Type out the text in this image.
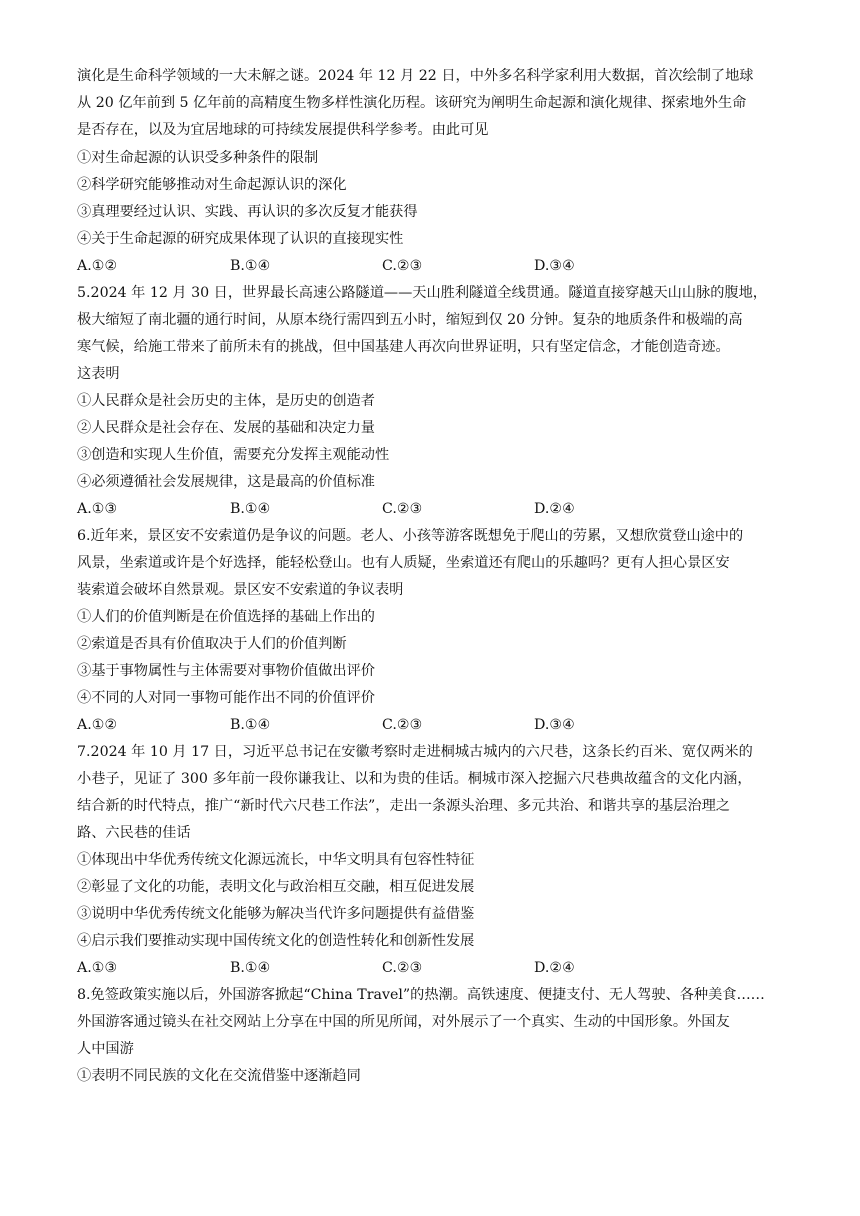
演化是生命科学领域的一大未解之谜。2024 年 12 月 22 日，中外多名科学家利用大数据，首次绘制了地球
从 20 亿年前到 5 亿年前的高精度生物多样性演化历程。该研究为阐明生命起源和演化规律、探索地外生命
是否存在，以及为宜居地球的可持续发展提供科学参考。由此可见
①对生命起源的认识受多种条件的限制
②科学研究能够推动对生命起源认识的深化
③真理要经过认识、实践、再认识的多次反复才能获得
④关于生命起源的研究成果体现了认识的直接现实性
A.①②	B.①④	C.②③	D.③④
5.2024 年 12 月 30 日，世界最长高速公路隧道——天山胜利隧道全线贯通。隧道直接穿越天山山脉的腹地，
极大缩短了南北疆的通行时间，从原本绕行需四到五小时，缩短到仅 20 分钟。复杂的地质条件和极端的高
寒气候，给施工带来了前所未有的挑战，但中国基建人再次向世界证明，只有坚定信念，才能创造奇迹。
这表明
①人民群众是社会历史的主体，是历史的创造者
②人民群众是社会存在、发展的基础和决定力量
③创造和实现人生价值，需要充分发挥主观能动性
④必须遵循社会发展规律，这是最高的价值标准
A.①③	B.①④	C.②③	D.②④
6.近年来，景区安不安索道仍是争议的问题。老人、小孩等游客既想免于爬山的劳累，又想欣赏登山途中的
风景，坐索道或许是个好选择，能轻松登山。也有人质疑，坐索道还有爬山的乐趣吗？更有人担心景区安
装索道会破坏自然景观。景区安不安索道的争议表明
①人们的价值判断是在价值选择的基础上作出的
②索道是否具有价值取决于人们的价值判断
③基于事物属性与主体需要对事物价值做出评价
④不同的人对同一事物可能作出不同的价值评价
A.①②	B.①④	C.②③	D.③④
7.2024 年 10 月 17 日，习近平总书记在安徽考察时走进桐城古城内的六尺巷，这条长约百米、宽仅两米的
小巷子，见证了 300 多年前一段你谦我让、以和为贵的佳话。桐城市深入挖掘六尺巷典故蕴含的文化内涵，
结合新的时代特点，推广“新时代六尺巷工作法”，走出一条源头治理、多元共治、和谐共享的基层治理之
路、六民巷的佳话
①体现出中华优秀传统文化源远流长，中华文明具有包容性特征
②彰显了文化的功能，表明文化与政治相互交融，相互促进发展
③说明中华优秀传统文化能够为解决当代许多问题提供有益借鉴
④启示我们要推动实现中国传统文化的创造性转化和创新性发展
A.①③	B.①④	C.②③	D.②④
8.免签政策实施以后，外国游客掀起“China Travel”的热潮。高铁速度、便捷支付、无人驾驶、各种美食……
外国游客通过镜头在社交网站上分享在中国的所见所闻，对外展示了一个真实、生动的中国形象。外国友
人中国游
①表明不同民族的文化在交流借鉴中逐渐趋同
